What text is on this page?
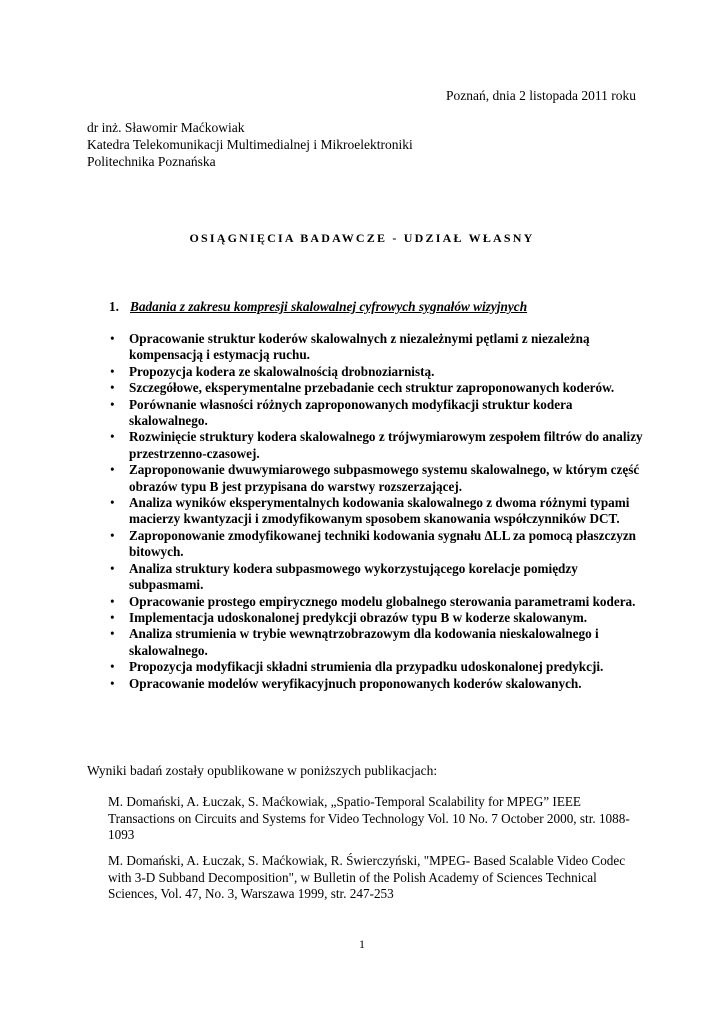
Poznań, dnia 2 listopada 2011 roku
dr inż. Sławomir Maćkowiak
Katedra Telekomunikacji Multimedialnej i Mikroelektroniki
Politechnika Poznańska
OSIĄGNIĘCIA BADAWCZE - UDZIAŁ WŁASNY
1. Badania z zakresu kompresji skalowalnej cyfrowych sygnałów wizyjnych
• Opracowanie struktur koderów skalowalnych z niezależnymi pętlami z niezależną kompensacją i estymacją ruchu.
• Propozycja kodera ze skalowalnością drobnoziarnistą.
• Szczegółowe, eksperymentalne przebadanie cech struktur zaproponowanych koderów.
• Porównanie własności różnych zaproponowanych modyfikacji struktur kodera skalowalnego.
• Rozwinięcie struktury kodera skalowalnego z trójwymiarowym zespołem filtrów do analizy przestrzenno-czasowej.
• Zaproponowanie dwuwymiarowego subpasmowego systemu skalowalnego, w którym część obrazów typu B jest przypisana do warstwy rozszerzającej.
• Analiza wyników eksperymentalnych kodowania skalowalnego z dwoma różnymi typami macierzy kwantyzacji i zmodyfikowanym sposobem skanowania współczynników DCT.
• Zaproponowanie zmodyfikowanej techniki kodowania sygnału ΔLL za pomocą płaszczyzn bitowych.
• Analiza struktury kodera subpasmowego wykorzystującego korelacje pomiędzy subpasmami.
• Opracowanie prostego empirycznego modelu globalnego sterowania parametrami kodera.
• Implementacja udoskonalonej predykcji obrazów typu B w koderze skalowanym.
• Analiza strumienia w trybie wewnątrzobrazowym dla kodowania nieskalowalnego i skalowalnego.
• Propozycja modyfikacji składni strumienia dla przypadku udoskonalonej predykcji.
• Opracowanie modelów weryfikacyjnuch proponowanych koderów skalowanych.
Wyniki badań zostały opublikowane w poniższych publikacjach:
M. Domański, A. Łuczak, S. Maćkowiak, „Spatio-Temporal Scalability for MPEG” IEEE Transactions on Circuits and Systems for Video Technology Vol. 10 No. 7 October 2000, str. 1088-1093
M. Domański, A. Łuczak, S. Maćkowiak, R. Świerczyński, "MPEG- Based Scalable Video Codec with 3-D Subband Decomposition", w Bulletin of the Polish Academy of Sciences Technical Sciences, Vol. 47, No. 3, Warszawa 1999, str. 247-253
1
